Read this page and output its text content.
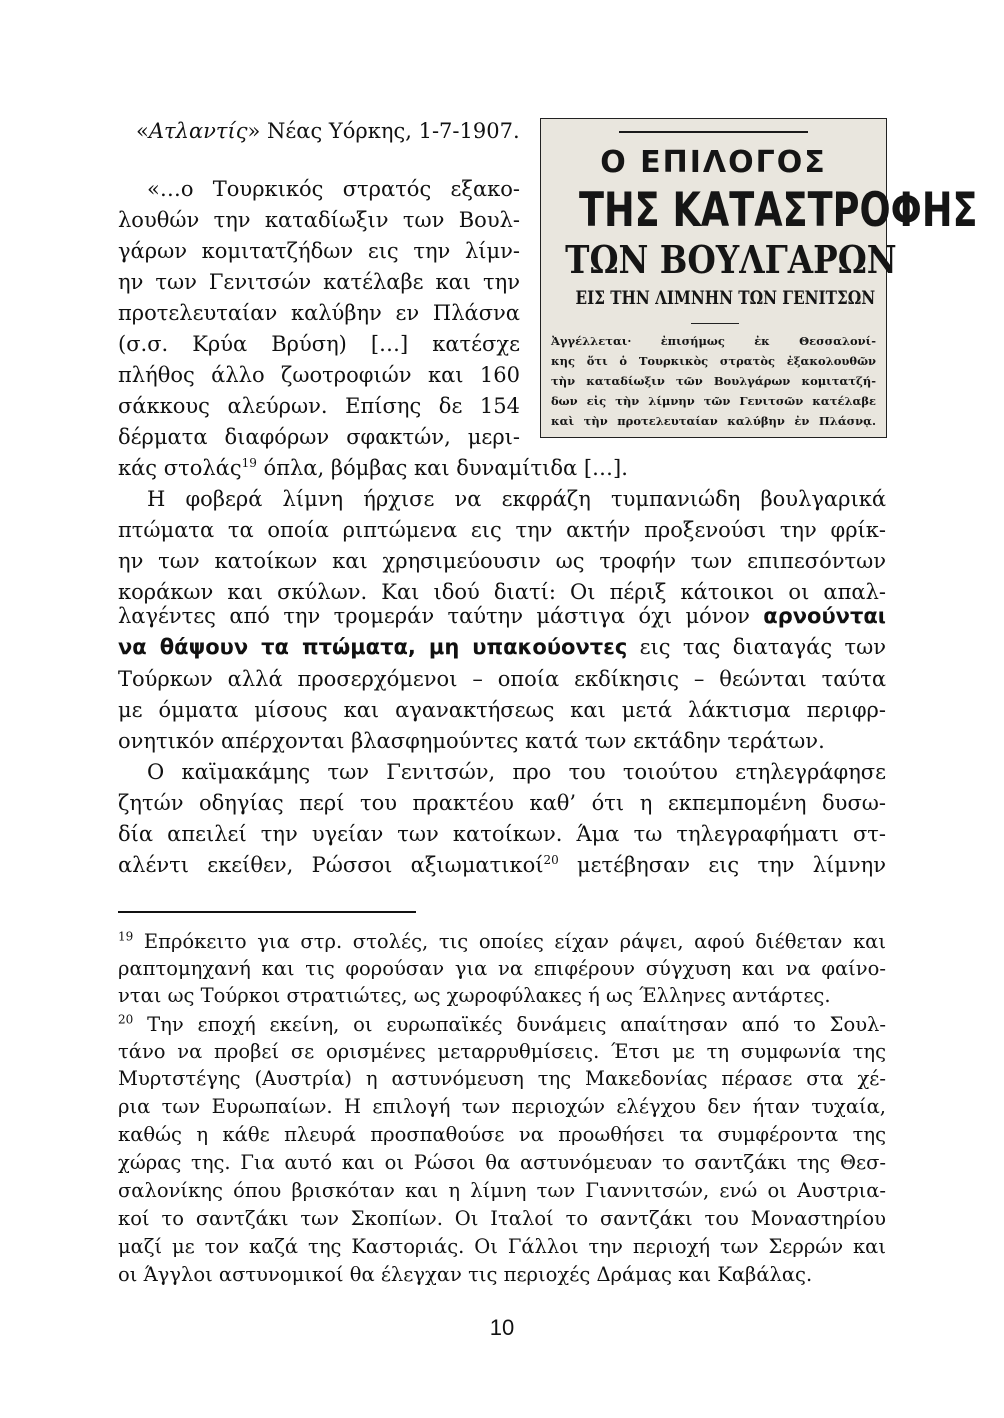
«Ατλαντίς» Νέας Υόρκης, 1-7-1907.
Ο ΕΠΙΛΟΓΟΣ
ΤΗΣ ΚΑΤΑΣΤΡΟΦΗΣ
ΤΩΝ ΒΟΥΛΓΑΡΩΝ
ΕΙΣ ΤΗΝ ΛΙΜΝΗΝ ΤΩΝ ΓΕΝΙΤΣΩΝ
Ἀγγέλλεται· ἐπισήμως ἐκ Θεσσαλονί-
κης ὅτι ὁ Τουρκικὸς στρατὸς ἐξακολουθῶν
τὴν καταδίωξιν τῶν Βουλγάρων κομιτατζή-
δων εἰς τὴν λίμνην τῶν Γενιτσῶν κατέλαβε
καὶ τὴν προτελευταίαν καλύβην ἐν Πλάσνᾳ.
«…ο Τουρκικός στρατός εξακο-
λουθών την καταδίωξιν των Βουλ-
γάρων κομιτατζήδων εις την λίμν-
ην των Γενιτσών κατέλαβε και την
προτελευταίαν καλύβην εν Πλάσνα
(σ.σ. Κρύα Βρύση) […] κατέσχε
πλήθος άλλο ζωοτροφιών και 160
σάκκους αλεύρων. Επίσης δε 154
δέρματα διαφόρων σφακτών, μερι-
κάς στολάς$^{19}$ όπλα, βόμβας και δυναμίτιδα […].
Η φοβερά λίμνη ήρχισε να εκφράζη τυμπανιώδη βουλγαρικά
πτώματα τα οποία ριπτώμενα εις την ακτήν προξενούσι την φρίκ-
ην των κατοίκων και χρησιμεύουσιν ως τροφήν των επιπεσόντων
κοράκων και σκύλων. Και ιδού διατί: Οι πέριξ κάτοικοι οι απαλ-
λαγέντες από την τρομεράν ταύτην μάστιγα όχι μόνον αρνούνται
να θάψουν τα πτώματα, μη υπακούοντες εις τας διαταγάς των
Τούρκων αλλά προσερχόμενοι – οποία εκδίκησις – θεώνται ταύτα
με όμματα μίσους και αγανακτήσεως και μετά λάκτισμα περιφρ-
ονητικόν απέρχονται βλασφημούντες κατά των εκτάδην τεράτων.
Ο καϊμακάμης των Γενιτσών, προ του τοιούτου ετηλεγράφησε
ζητών οδηγίας περί του πρακτέου καθ’ ότι η εκπεμπομένη δυσω-
δία απειλεί την υγείαν των κατοίκων. Άμα τω τηλεγραφήματι στ-
αλέντι εκείθεν, Ρώσσοι αξιωματικοί$^{20}$ μετέβησαν εις την λίμνην
$^{19}$ Επρόκειτο για στρ. στολές, τις οποίες είχαν ράψει, αφού διέθεταν και
ραπτομηχανή και τις φορούσαν για να επιφέρουν σύγχυση και να φαίνο-
νται ως Τούρκοι στρατιώτες, ως χωροφύλακες ή ως Έλληνες αντάρτες.
$^{20}$ Την εποχή εκείνη, οι ευρωπαϊκές δυνάμεις απαίτησαν από το Σουλ-
τάνο να προβεί σε ορισμένες μεταρρυθμίσεις. Έτσι με τη συμφωνία της
Μυρτστέγης (Αυστρία) η αστυνόμευση της Μακεδονίας πέρασε στα χέ-
ρια των Ευρωπαίων. Η επιλογή των περιοχών ελέγχου δεν ήταν τυχαία,
καθώς η κάθε πλευρά προσπαθούσε να προωθήσει τα συμφέροντα της
χώρας της. Για αυτό και οι Ρώσοι θα αστυνόμευαν το σαντζάκι της Θεσ-
σαλονίκης όπου βρισκόταν και η λίμνη των Γιαννιτσών, ενώ οι Αυστρια-
κοί το σαντζάκι των Σκοπίων. Οι Ιταλοί το σαντζάκι του Μοναστηρίου
μαζί με τον καζά της Καστοριάς. Οι Γάλλοι την περιοχή των Σερρών και
οι Άγγλοι αστυνομικοί θα έλεγχαν τις περιοχές Δράμας και Καβάλας.
10
